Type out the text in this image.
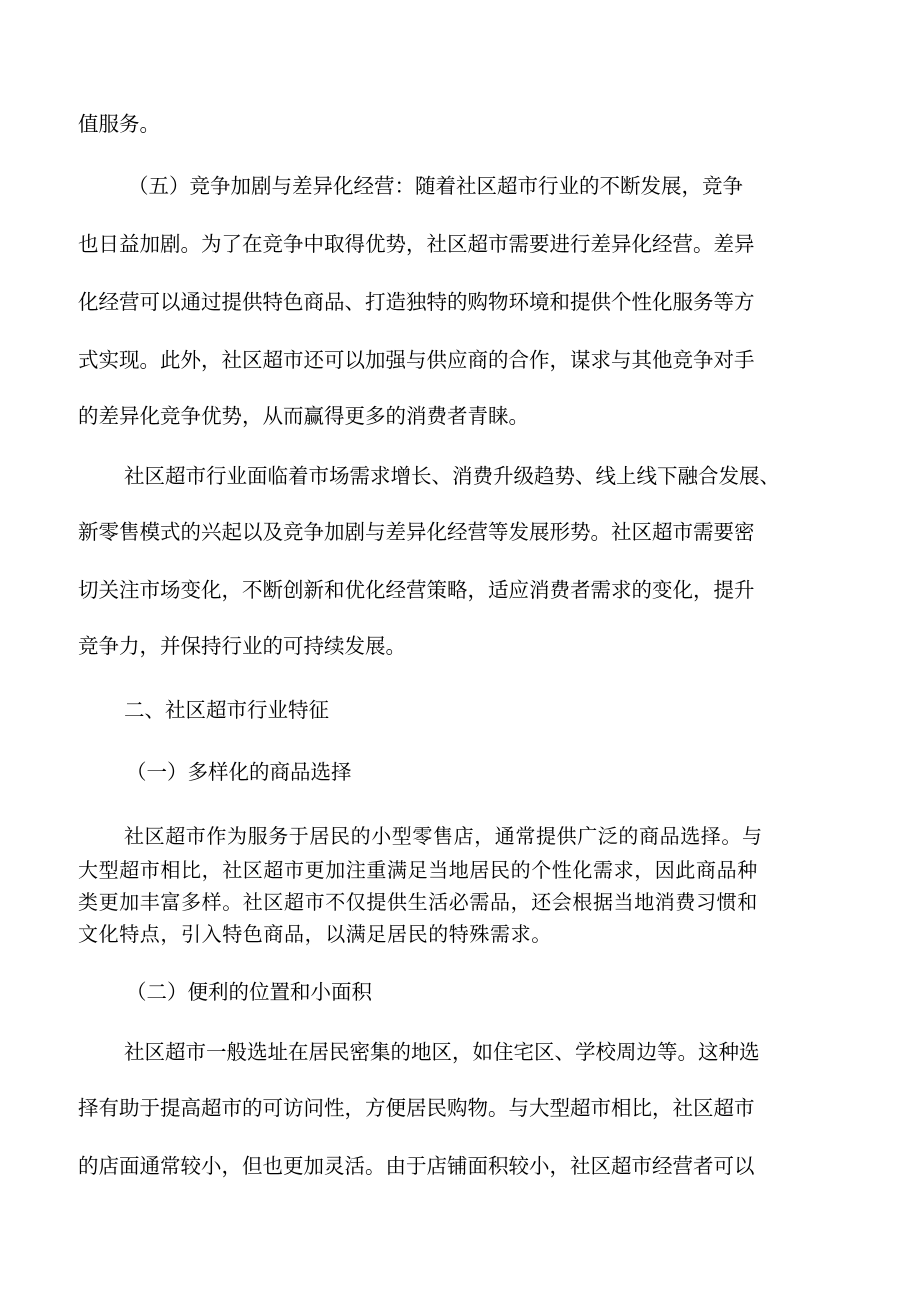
值服务。
（五）竞争加剧与差异化经营：随着社区超市行业的不断发展，竞争
也日益加剧。为了在竞争中取得优势，社区超市需要进行差异化经营。差异
化经营可以通过提供特色商品、打造独特的购物环境和提供个性化服务等方
式实现。此外，社区超市还可以加强与供应商的合作，谋求与其他竞争对手
的差异化竞争优势，从而赢得更多的消费者青睐。
社区超市行业面临着市场需求增长、消费升级趋势、线上线下融合发展、
新零售模式的兴起以及竞争加剧与差异化经营等发展形势。社区超市需要密
切关注市场变化，不断创新和优化经营策略，适应消费者需求的变化，提升
竞争力，并保持行业的可持续发展。
二、社区超市行业特征
（一）多样化的商品选择
社区超市作为服务于居民的小型零售店，通常提供广泛的商品选择。与
大型超市相比，社区超市更加注重满足当地居民的个性化需求，因此商品种
类更加丰富多样。社区超市不仅提供生活必需品，还会根据当地消费习惯和
文化特点，引入特色商品，以满足居民的特殊需求。
（二）便利的位置和小面积
社区超市一般选址在居民密集的地区，如住宅区、学校周边等。这种选
择有助于提高超市的可访问性，方便居民购物。与大型超市相比，社区超市
的店面通常较小，但也更加灵活。由于店铺面积较小，社区超市经营者可以
